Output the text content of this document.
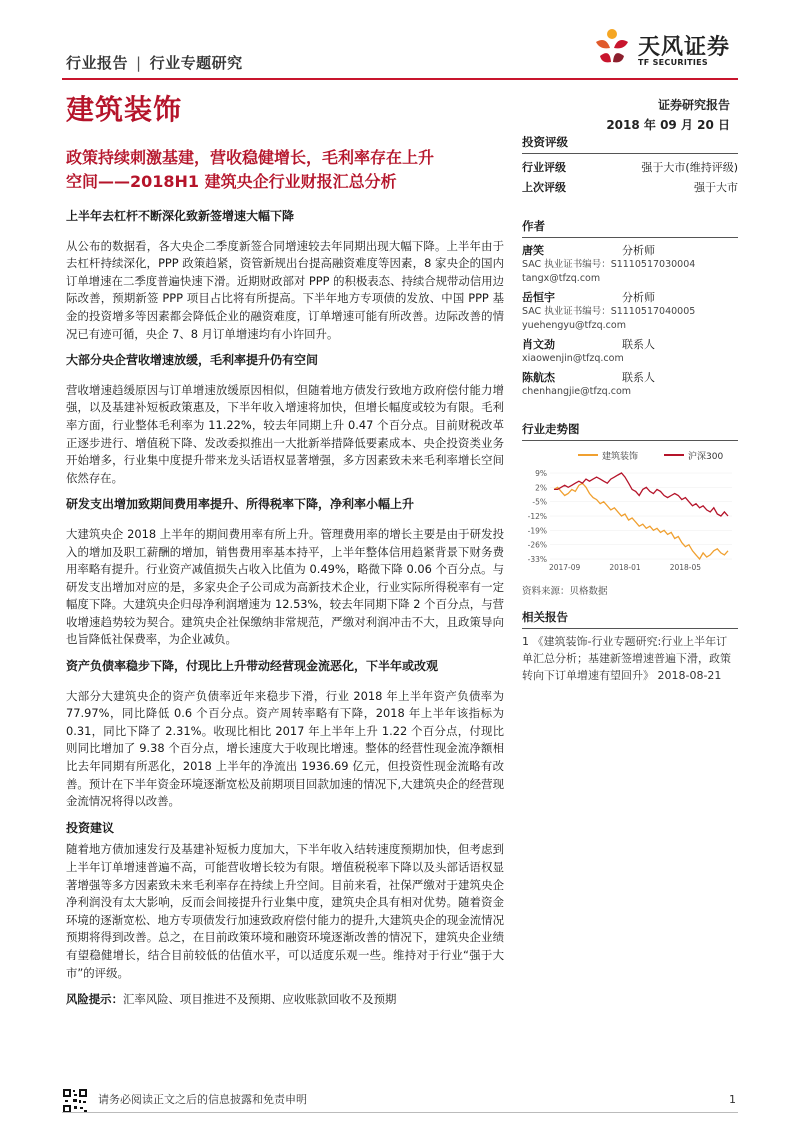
行业报告 | 行业专题研究
天风证券
TF SECURITIES
建筑装饰	证券研究报告
2018 年 09 月 20 日
政策持续刺激基建，营收稳健增长，毛利率存在上升
空间——2018H1 建筑央企行业财报汇总分析
上半年去杠杆不断深化致新签增速大幅下降

从公布的数据看，各大央企二季度新签合同增速较去年同期出现大幅下降。上半年由于去杠杆持续深化，PPP 政策趋紧，资管新规出台提高融资难度等因素，8 家央企的国内订单增速在二季度普遍快速下滑。近期财政部对 PPP 的积极表态、持续合规带动信用边际改善，预期新签 PPP 项目占比将有所提高。下半年地方专项债的发放、中国 PPP 基金的投资增多等因素都会降低企业的融资难度，订单增速可能有所改善。边际改善的情况已有迹可循，央企 7、8 月订单增速均有小许回升。

大部分央企营收增速放缓，毛利率提升仍有空间

营收增速趋缓原因与订单增速放缓原因相似，但随着地方债发行致地方政府偿付能力增强，以及基建补短板政策惠及，下半年收入增速将加快，但增长幅度或较为有限。毛利率方面，行业整体毛利率为 11.22%，较去年同期上升 0.47 个百分点。目前财税改革正逐步进行、增值税下降、发改委拟推出一大批新举措降低要素成本、央企投资类业务开始增多，行业集中度提升带来龙头话语权显著增强，多方因素致未来毛利率增长空间依然存在。

研发支出增加致期间费用率提升、所得税率下降，净利率小幅上升

大建筑央企 2018 上半年的期间费用率有所上升。管理费用率的增长主要是由于研发投入的增加及职工薪酬的增加，销售费用率基本持平，上半年整体信用趋紧背景下财务费用率略有提升。行业资产减值损失占收入比值为 0.49%，略微下降 0.06 个百分点。与研发支出增加对应的是，多家央企子公司成为高新技术企业，行业实际所得税率有一定幅度下降。大建筑央企归母净利润增速为 12.53%，较去年同期下降 2 个百分点，与营收增速趋势较为契合。建筑央企社保缴纳非常规范，严缴对利润冲击不大，且政策导向也旨降低社保费率，为企业减负。

资产负债率稳步下降，付现比上升带动经营现金流恶化，下半年或改观

大部分大建筑央企的资产负债率近年来稳步下滑，行业 2018 年上半年资产负债率为 77.97%，同比降低 0.6 个百分点。资产周转率略有下降，2018 年上半年该指标为 0.31，同比下降了 2.31%。收现比相比 2017 年上半年上升 1.22 个百分点，付现比则同比增加了 9.38 个百分点，增长速度大于收现比增速。整体的经营性现金流净额相比去年同期有所恶化，2018 上半年的净流出 1936.69 亿元，但投资性现金流略有改善。预计在下半年资金环境逐渐宽松及前期项目回款加速的情况下,大建筑央企的经营现金流情况将得以改善。

投资建议

随着地方债加速发行及基建补短板力度加大，下半年收入结转速度预期加快，但考虑到上半年订单增速普遍不高，可能营收增长较为有限。增值税税率下降以及头部话语权显著增强等多方因素致未来毛利率存在持续上升空间。目前来看，社保严缴对于建筑央企净利润没有太大影响，反而会间接提升行业集中度，建筑央企具有相对优势。随着资金环境的逐渐宽松、地方专项债发行加速致政府偿付能力的提升,大建筑央企的现金流情况预期将得到改善。总之，在目前政策环境和融资环境逐渐改善的情况下，建筑央企业绩有望稳健增长，结合目前较低的估值水平，可以适度乐观一些。维持对于行业“强于大市”的评级。

风险提示：汇率风险、项目推进不及预期、应收账款回收不及预期

投资评级
行业评级	强于大市(维持评级)
上次评级	强于大市
作者
唐笑	分析师
SAC 执业证书编号：S1110517030004
tangx@tfzq.com
岳恒宇	分析师
SAC 执业证书编号：S1110517040005
yuehengyu@tfzq.com
肖文劲	联系人
xiaowenjin@tfzq.com
陈航杰	联系人
chenhangjie@tfzq.com
行业走势图
建筑装饰	沪深300
9%
2%
-5%
-12%
-19%
-26%
-33%
2017-09	2018-01	2018-05
资料来源：贝格数据
相关报告
1 《建筑装饰-行业专题研究:行业上半年订单汇总分析；基建新签增速普遍下滑，政策转向下订单增速有望回升》 2018-08-21
请务必阅读正文之后的信息披露和免责申明	1
